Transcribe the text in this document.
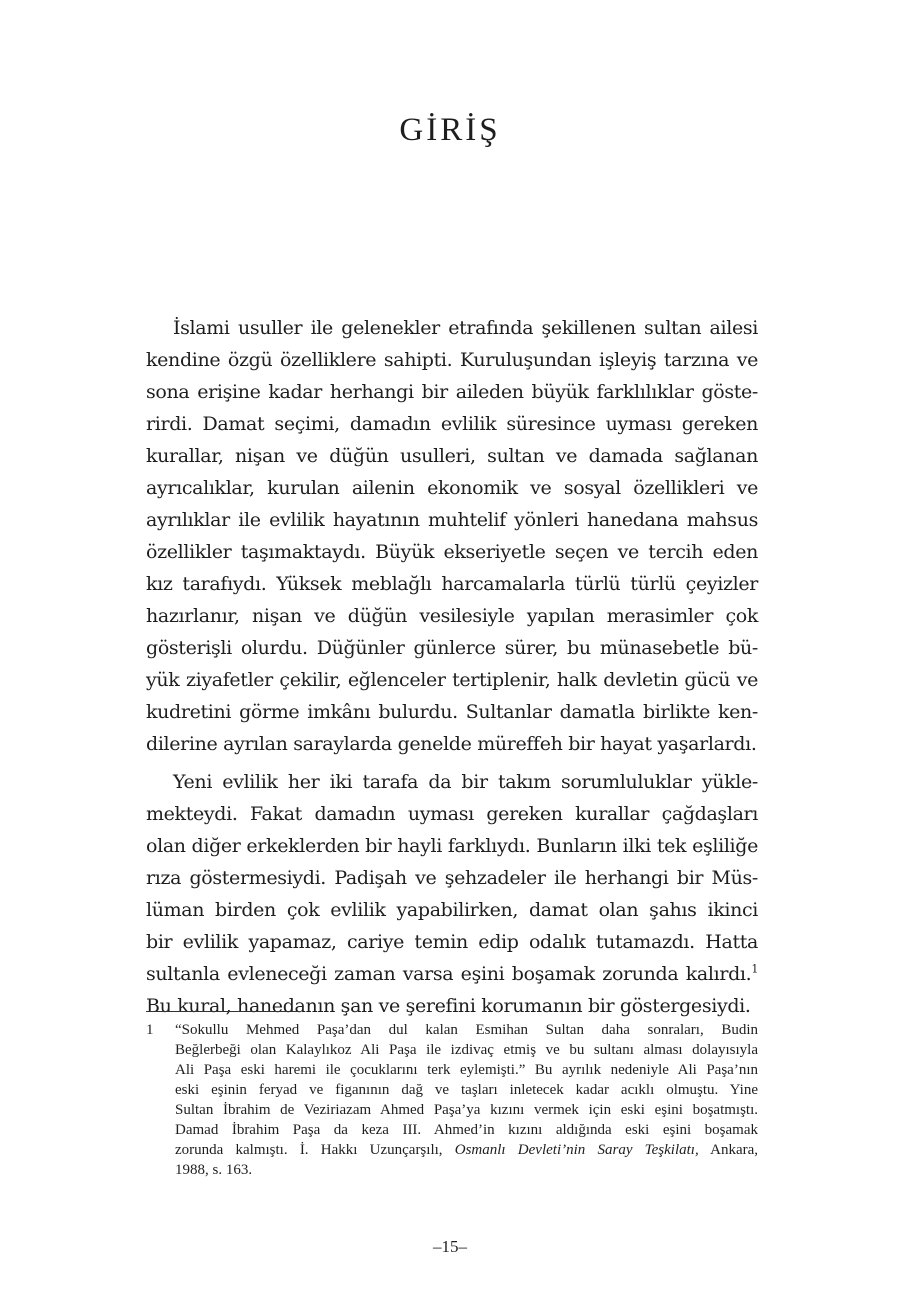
GİRİŞ
İslami usuller ile gelenekler etrafında şekillenen sultan ailesi
kendine özgü özelliklere sahipti. Kuruluşundan işleyiş tarzına ve
sona erişine kadar herhangi bir aileden büyük farklılıklar göste-
rirdi. Damat seçimi, damadın evlilik süresince uyması gereken
kurallar, nişan ve düğün usulleri, sultan ve damada sağlanan
ayrıcalıklar, kurulan ailenin ekonomik ve sosyal özellikleri ve
ayrılıklar ile evlilik hayatının muhtelif yönleri hanedana mahsus
özellikler taşımaktaydı. Büyük ekseriyetle seçen ve tercih eden
kız tarafıydı. Yüksek meblağlı harcamalarla türlü türlü çeyizler
hazırlanır, nişan ve düğün vesilesiyle yapılan merasimler çok
gösterişli olurdu. Düğünler günlerce sürer, bu münasebetle bü-
yük ziyafetler çekilir, eğlenceler tertiplenir, halk devletin gücü ve
kudretini görme imkânı bulurdu. Sultanlar damatla birlikte ken-
dilerine ayrılan saraylarda genelde müreffeh bir hayat yaşarlardı.
Yeni evlilik her iki tarafa da bir takım sorumluluklar yükle-
mekteydi. Fakat damadın uyması gereken kurallar çağdaşları
olan diğer erkeklerden bir hayli farklıydı. Bunların ilki tek eşliliğe
rıza göstermesiydi. Padişah ve şehzadeler ile herhangi bir Müs-
lüman birden çok evlilik yapabilirken, damat olan şahıs ikinci
bir evlilik yapamaz, cariye temin edip odalık tutamazdı. Hatta
sultanla evleneceği zaman varsa eşini boşamak zorunda kalırdı.$^1$
Bu kural, hanedanın şan ve şerefini korumanın bir göstergesiydi.
1 “Sokullu Mehmed Paşa’dan dul kalan Esmihan Sultan daha sonraları, Budin
Beğlerbeği olan Kalaylıkoz Ali Paşa ile izdivaç etmiş ve bu sultanı alması dolayısıyla
Ali Paşa eski haremi ile çocuklarını terk eylemişti.” Bu ayrılık nedeniyle Ali Paşa’nın
eski eşinin feryad ve figanının dağ ve taşları inletecek kadar acıklı olmuştu. Yine
Sultan İbrahim de Veziriazam Ahmed Paşa’ya kızını vermek için eski eşini boşatmıştı.
Damad İbrahim Paşa da keza III. Ahmed’in kızını aldığında eski eşini boşamak
zorunda kalmıştı. İ. Hakkı Uzunçarşılı, Osmanlı Devleti’nin Saray Teşkilatı, Ankara,
1988, s. 163.
–15–
